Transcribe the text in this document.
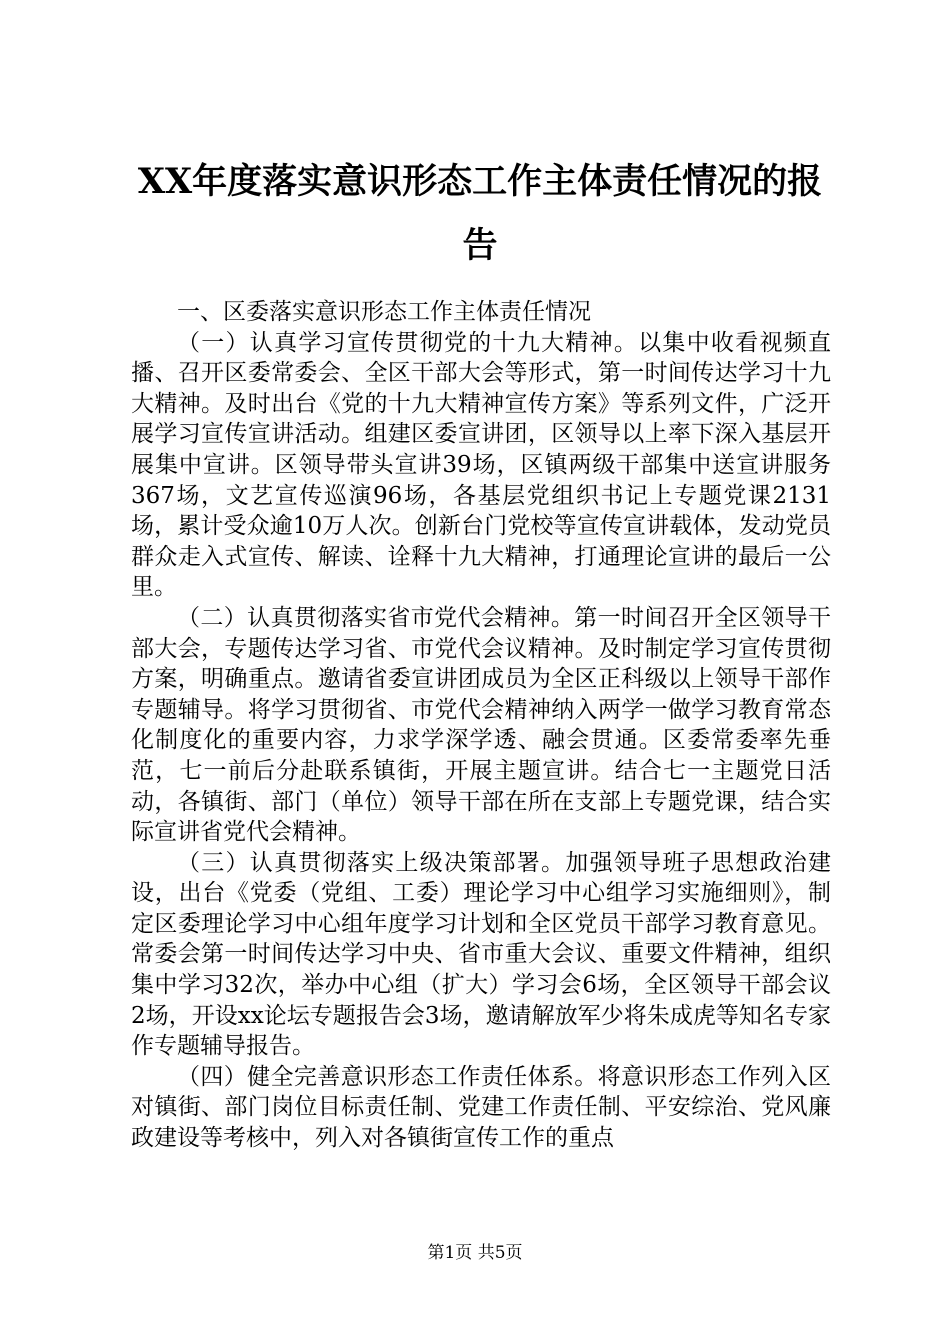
XX年度落实意识形态工作主体责任情况的报告

一、区委落实意识形态工作主体责任情况

（一）认真学习宣传贯彻党的十九大精神。以集中收看视频直播、召开区委常委会、全区干部大会等形式，第一时间传达学习十九大精神。及时出台《党的十九大精神宣传方案》等系列文件，广泛开展学习宣传宣讲活动。组建区委宣讲团，区领导以上率下深入基层开展集中宣讲。区领导带头宣讲39场，区镇两级干部集中送宣讲服务367场，文艺宣传巡演96场，各基层党组织书记上专题党课2131场，累计受众逾10万人次。创新台门党校等宣传宣讲载体，发动党员群众走入式宣传、解读、诠释十九大精神，打通理论宣讲的最后一公里。

（二）认真贯彻落实省市党代会精神。第一时间召开全区领导干部大会，专题传达学习省、市党代会议精神。及时制定学习宣传贯彻方案，明确重点。邀请省委宣讲团成员为全区正科级以上领导干部作专题辅导。将学习贯彻省、市党代会精神纳入两学一做学习教育常态化制度化的重要内容，力求学深学透、融会贯通。区委常委率先垂范，七一前后分赴联系镇街，开展主题宣讲。结合七一主题党日活动，各镇街、部门（单位）领导干部在所在支部上专题党课，结合实际宣讲省党代会精神。

（三）认真贯彻落实上级决策部署。加强领导班子思想政治建设，出台《党委（党组、工委）理论学习中心组学习实施细则》，制定区委理论学习中心组年度学习计划和全区党员干部学习教育意见。常委会第一时间传达学习中央、省市重大会议、重要文件精神，组织集中学习32次，举办中心组（扩大）学习会6场，全区领导干部会议2场，开设xx论坛专题报告会3场，邀请解放军少将朱成虎等知名专家作专题辅导报告。

（四）健全完善意识形态工作责任体系。将意识形态工作列入区对镇街、部门岗位目标责任制、党建工作责任制、平安综治、党风廉政建设等考核中，列入对各镇街宣传工作的重点

第1页 共5页
